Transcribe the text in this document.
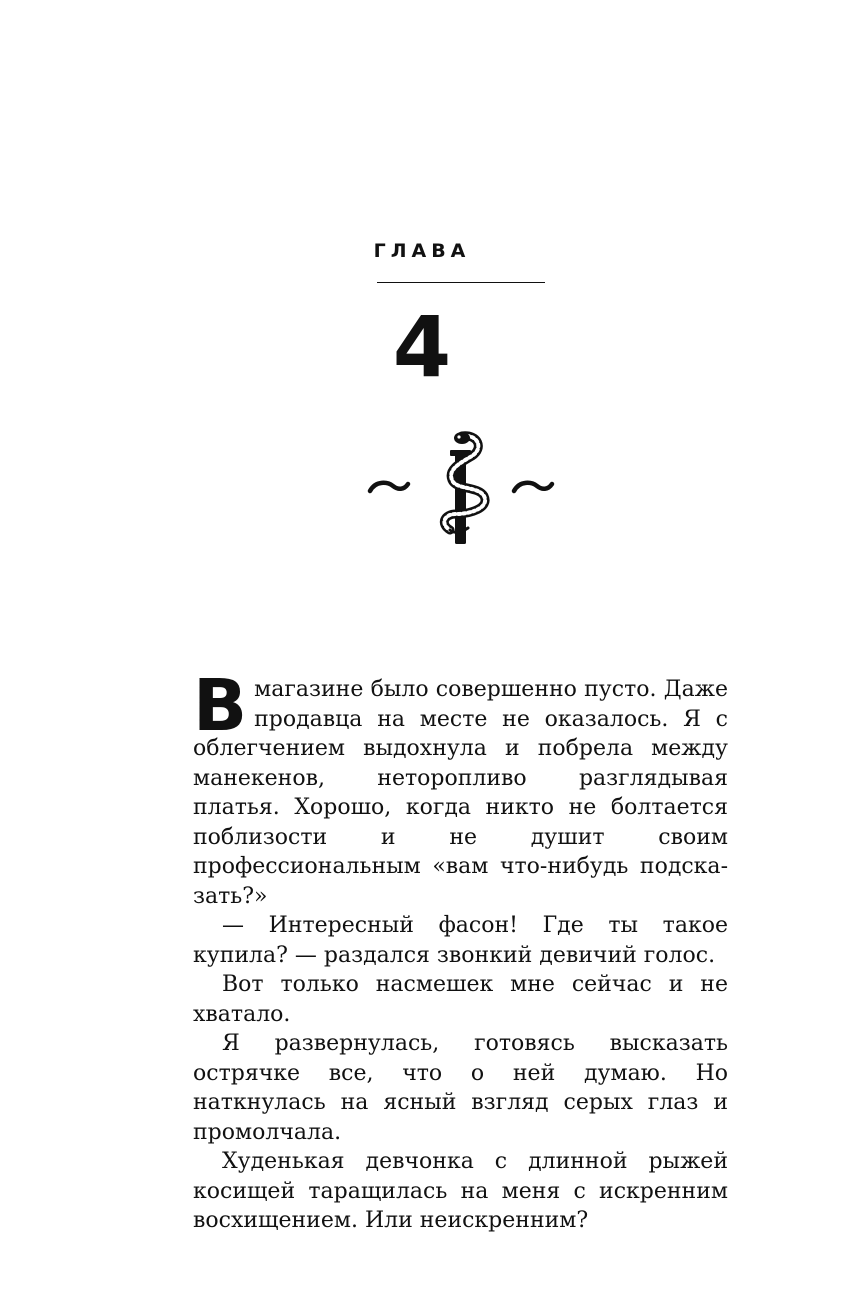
ГЛАВА
4

В магазине было совершенно пусто. Даже продавца на месте не оказалось. Я с облегчением выдохнула и побрела между манекенов, неторопливо разглядывая платья. Хорошо, когда никто не болтается поблизости и не душит своим профессиональным «вам что-нибудь подсказать?»

— Интересный фасон! Где ты такое купила? — раздался звонкий девичий голос.

Вот только насмешек мне сейчас и не хватало.

Я развернулась, готовясь высказать острячке все, что о ней думаю. Но наткнулась на ясный взгляд серых глаз и промолчала.

Худенькая девчонка с длинной рыжей косищей таращилась на меня с искренним восхищением. Или неискренним?
